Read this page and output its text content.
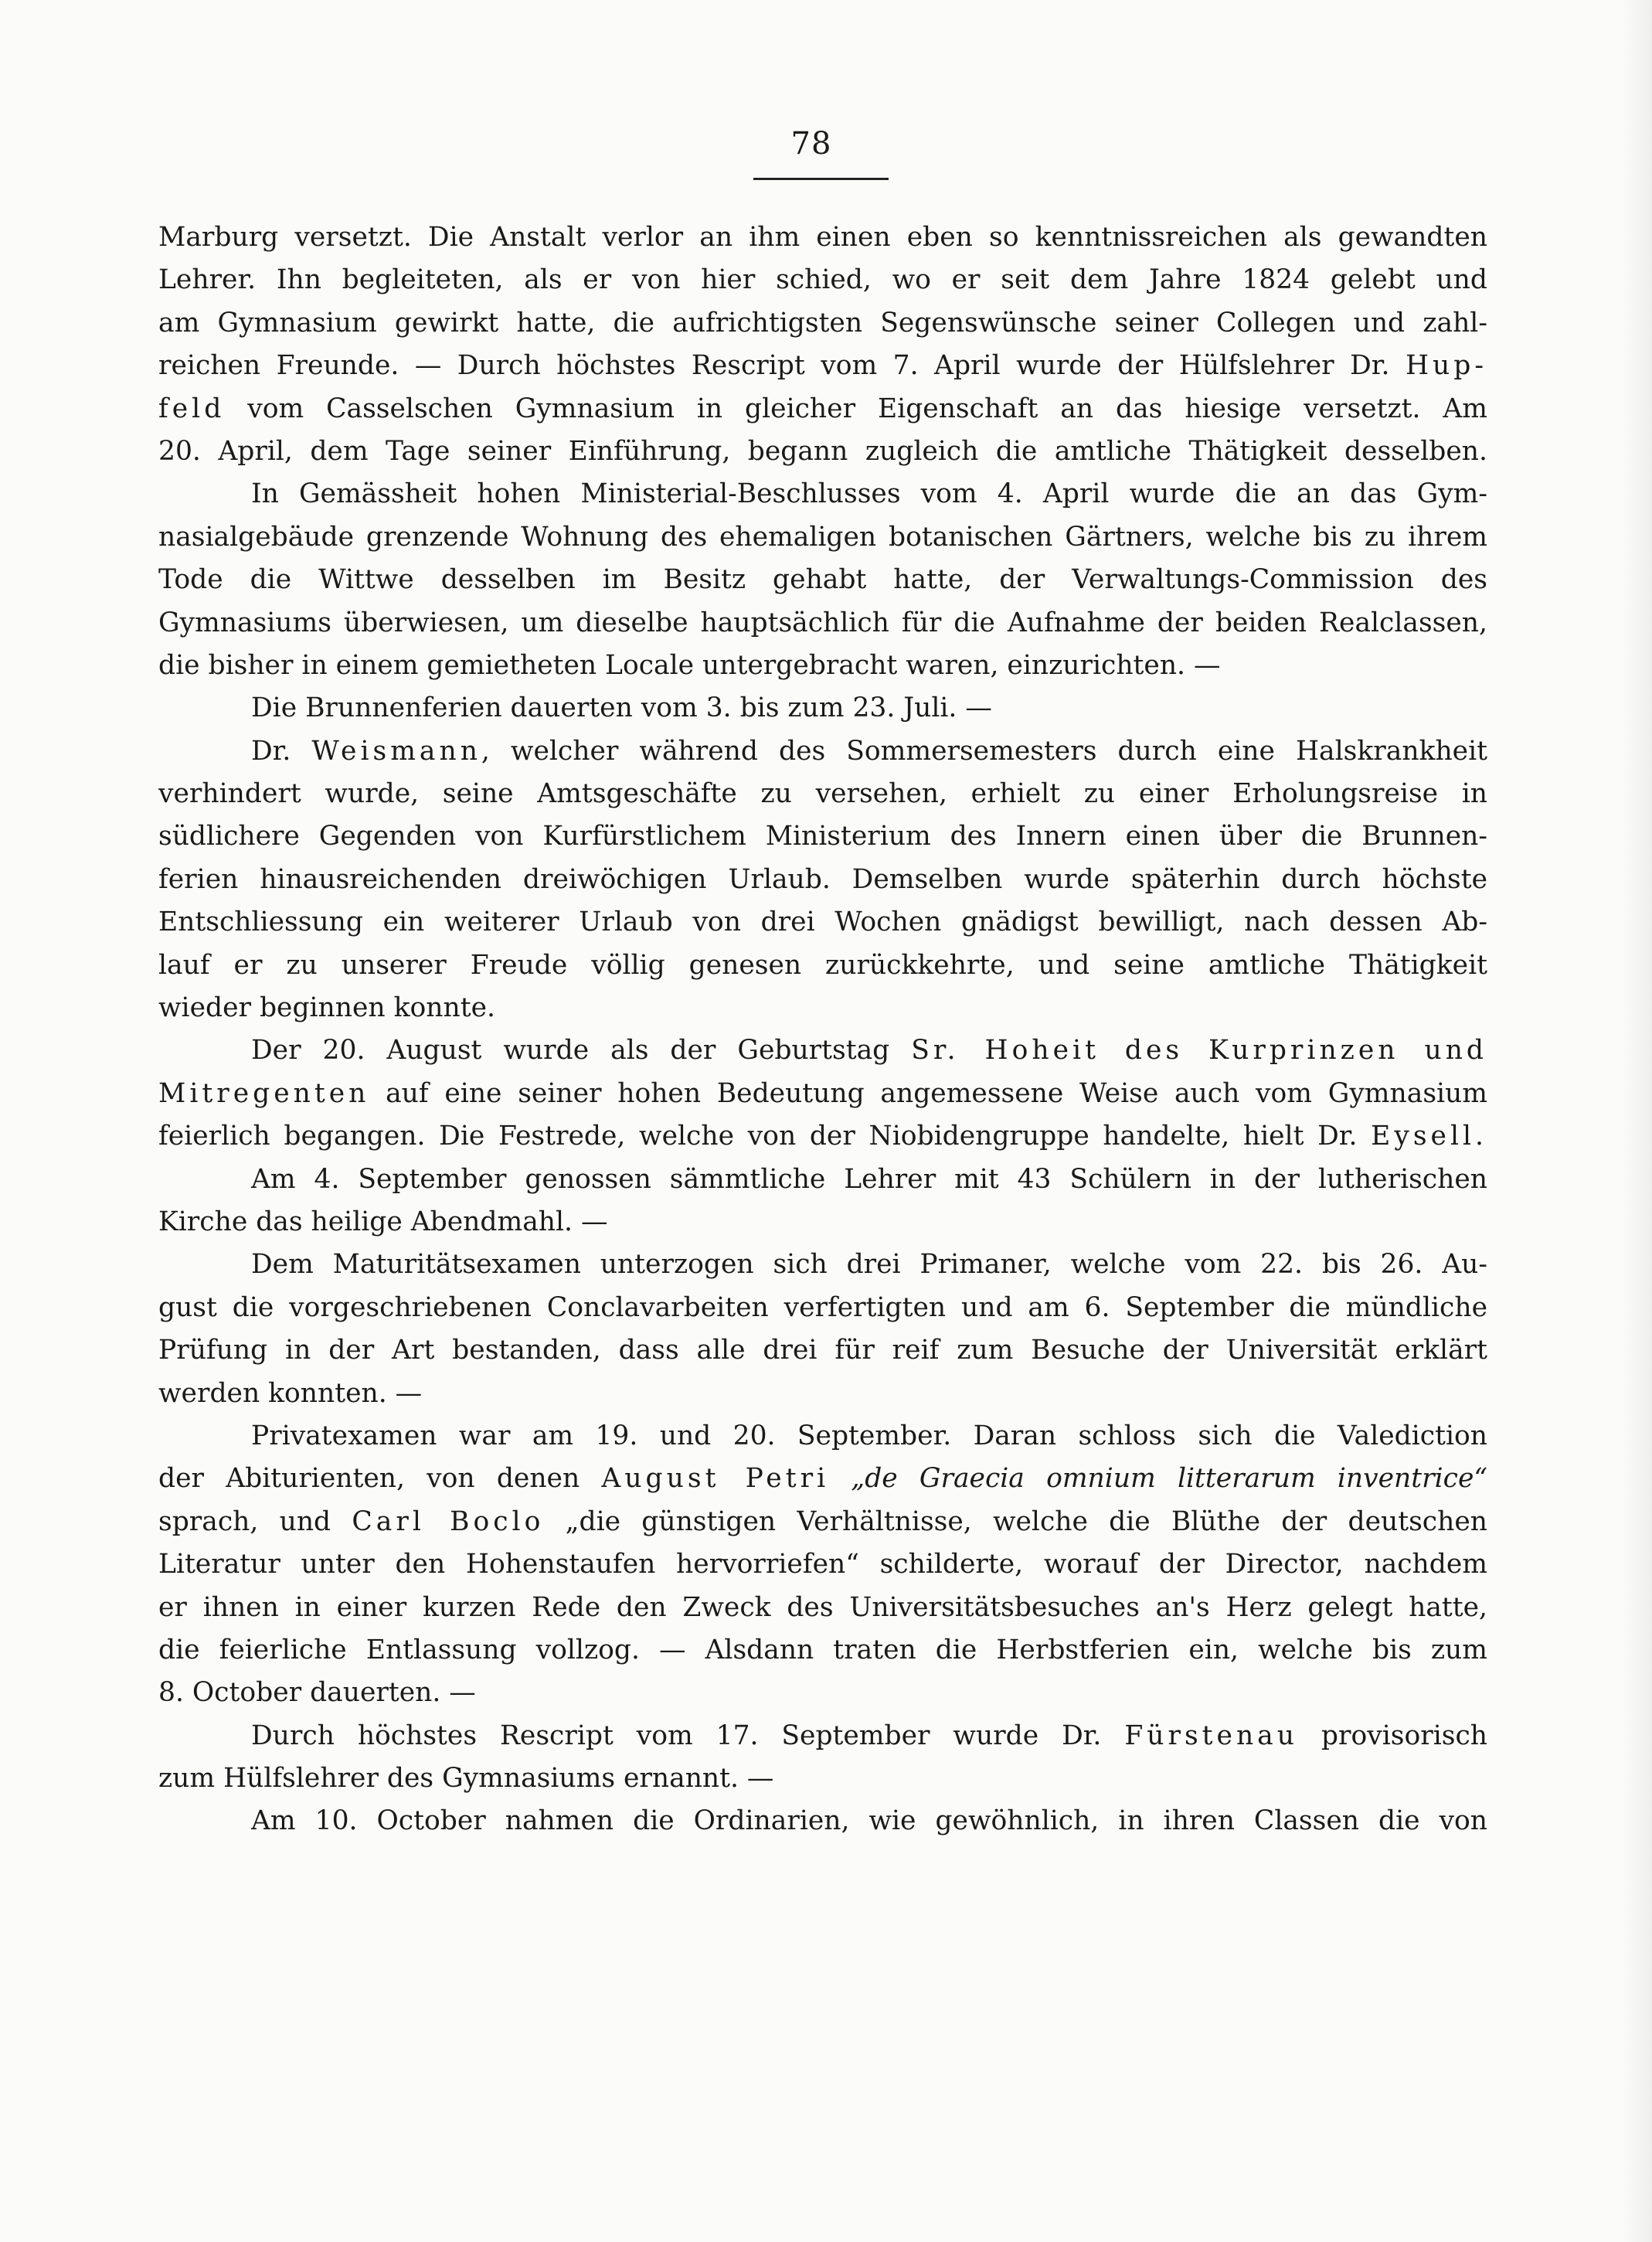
78
Marburg versetzt. Die Anstalt verlor an ihm einen eben so kenntnissreichen als gewandten
Lehrer. Ihn begleiteten, als er von hier schied, wo er seit dem Jahre 1824 gelebt und
am Gymnasium gewirkt hatte, die aufrichtigsten Segenswünsche seiner Collegen und zahl-
reichen Freunde. — Durch höchstes Rescript vom 7. April wurde der Hülfslehrer Dr. Hup-
feld vom Casselschen Gymnasium in gleicher Eigenschaft an das hiesige versetzt. Am
20. April, dem Tage seiner Einführung, begann zugleich die amtliche Thätigkeit desselben.
In Gemässheit hohen Ministerial-Beschlusses vom 4. April wurde die an das Gym-
nasialgebäude grenzende Wohnung des ehemaligen botanischen Gärtners, welche bis zu ihrem
Tode die Wittwe desselben im Besitz gehabt hatte, der Verwaltungs-Commission des
Gymnasiums überwiesen, um dieselbe hauptsächlich für die Aufnahme der beiden Realclassen,
die bisher in einem gemietheten Locale untergebracht waren, einzurichten. —
Die Brunnenferien dauerten vom 3. bis zum 23. Juli. —
Dr. Weismann, welcher während des Sommersemesters durch eine Halskrankheit
verhindert wurde, seine Amtsgeschäfte zu versehen, erhielt zu einer Erholungsreise in
südlichere Gegenden von Kurfürstlichem Ministerium des Innern einen über die Brunnen-
ferien hinausreichenden dreiwöchigen Urlaub. Demselben wurde späterhin durch höchste
Entschliessung ein weiterer Urlaub von drei Wochen gnädigst bewilligt, nach dessen Ab-
lauf er zu unserer Freude völlig genesen zurückkehrte, und seine amtliche Thätigkeit
wieder beginnen konnte.
Der 20. August wurde als der Geburtstag Sr. Hoheit des Kurprinzen und
Mitregenten auf eine seiner hohen Bedeutung angemessene Weise auch vom Gymnasium
feierlich begangen. Die Festrede, welche von der Niobidengruppe handelte, hielt Dr. Eysell.
Am 4. September genossen sämmtliche Lehrer mit 43 Schülern in der lutherischen
Kirche das heilige Abendmahl. —
Dem Maturitätsexamen unterzogen sich drei Primaner, welche vom 22. bis 26. Au-
gust die vorgeschriebenen Conclavarbeiten verfertigten und am 6. September die mündliche
Prüfung in der Art bestanden, dass alle drei für reif zum Besuche der Universität erklärt
werden konnten. —
Privatexamen war am 19. und 20. September. Daran schloss sich die Valediction
der Abiturienten, von denen August Petri „de Graecia omnium litterarum inventrice“
sprach, und Carl Boclo „die günstigen Verhältnisse, welche die Blüthe der deutschen
Literatur unter den Hohenstaufen hervorriefen“ schilderte, worauf der Director, nachdem
er ihnen in einer kurzen Rede den Zweck des Universitätsbesuches an's Herz gelegt hatte,
die feierliche Entlassung vollzog. — Alsdann traten die Herbstferien ein, welche bis zum
8. October dauerten. —
Durch höchstes Rescript vom 17. September wurde Dr. Fürstenau provisorisch
zum Hülfslehrer des Gymnasiums ernannt. —
Am 10. October nahmen die Ordinarien, wie gewöhnlich, in ihren Classen die von
